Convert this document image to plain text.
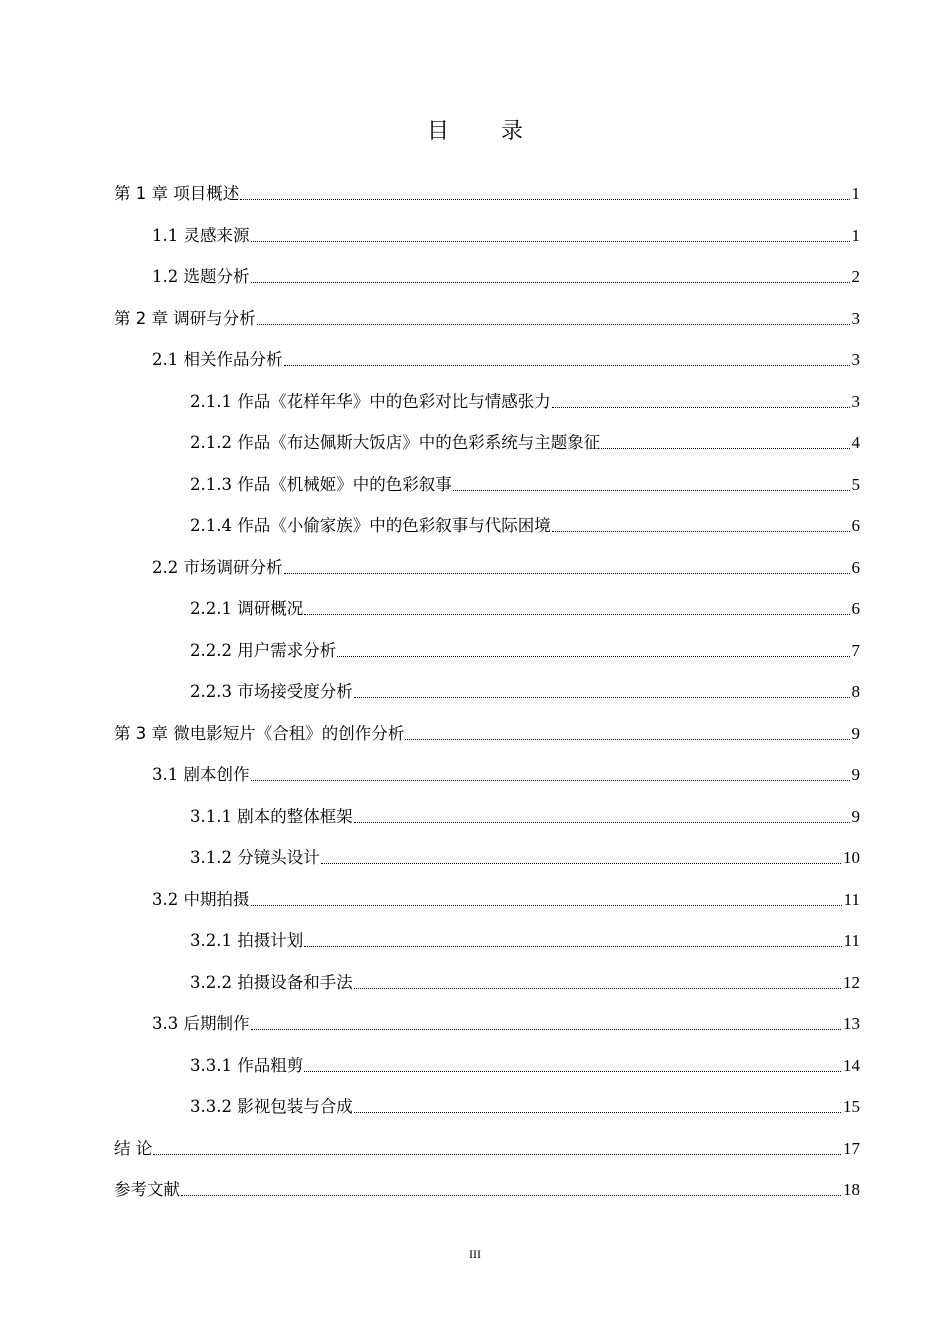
目 录
第 1 章 项目概述	1
1.1 灵感来源	1
1.2 选题分析	2
第 2 章 调研与分析	3
2.1 相关作品分析	3
2.1.1 作品《花样年华》中的色彩对比与情感张力	3
2.1.2 作品《布达佩斯大饭店》中的色彩系统与主题象征	4
2.1.3 作品《机械姬》中的色彩叙事	5
2.1.4 作品《小偷家族》中的色彩叙事与代际困境	6
2.2 市场调研分析	6
2.2.1 调研概况	6
2.2.2 用户需求分析	7
2.2.3 市场接受度分析	8
第 3 章 微电影短片《合租》的创作分析	9
3.1 剧本创作	9
3.1.1 剧本的整体框架	9
3.1.2 分镜头设计	10
3.2 中期拍摄	11
3.2.1 拍摄计划	11
3.2.2 拍摄设备和手法	12
3.3 后期制作	13
3.3.1 作品粗剪	14
3.3.2 影视包装与合成	15
结 论	17
参考文献	18
III
